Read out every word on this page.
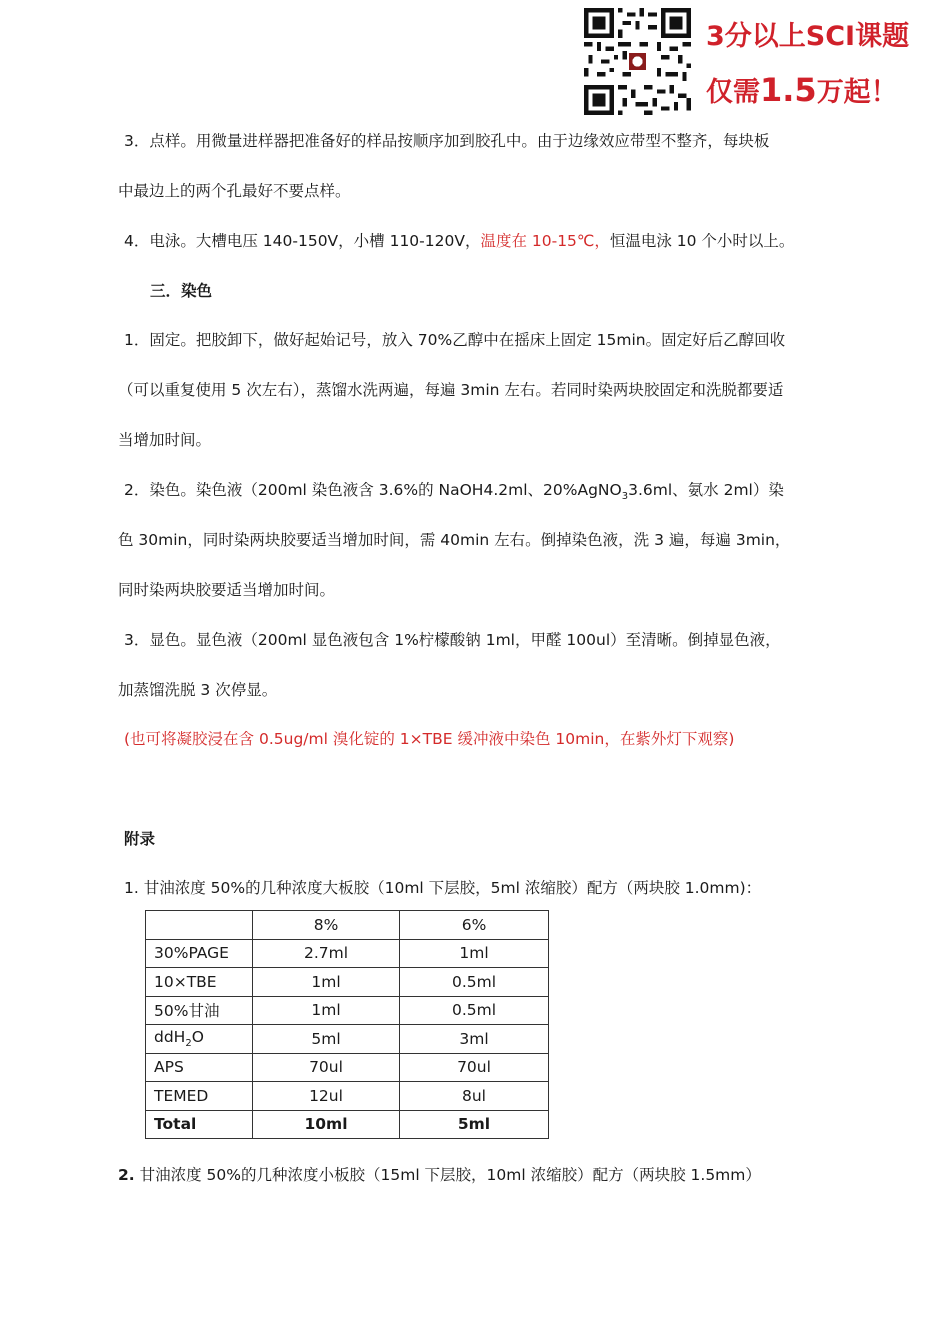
3分以上SCI课题
仅需1.5万起！
3．点样。用微量进样器把准备好的样品按顺序加到胶孔中。由于边缘效应带型不整齐，每块板
中最边上的两个孔最好不要点样。
4．电泳。大槽电压 140-150V，小槽 110-120V，温度在 10-15℃，恒温电泳 10 个小时以上。
三．染色
1．固定。把胶卸下，做好起始记号，放入 70%乙醇中在摇床上固定 15min。固定好后乙醇回收
（可以重复使用 5 次左右），蒸馏水洗两遍，每遍 3min 左右。若同时染两块胶固定和洗脱都要适
当增加时间。
2．染色。染色液（200ml 染色液含 3.6%的 NaOH4.2ml、20%AgNO$_3$3.6ml、氨水 2ml）染
色 30min，同时染两块胶要适当增加时间，需 40min 左右。倒掉染色液，洗 3 遍，每遍 3min，
同时染两块胶要适当增加时间。
3．显色。显色液（200ml 显色液包含 1%柠檬酸钠 1ml，甲醛 100ul）至清晰。倒掉显色液，
加蒸馏洗脱 3 次停显。
(也可将凝胶浸在含 0.5ug/ml 溴化锭的 1×TBE 缓冲液中染色 10min，在紫外灯下观察)
附录
1. 甘油浓度 50%的几种浓度大板胶（10ml 下层胶，5ml 浓缩胶）配方（两块胶 1.0mm)：
	8%	6%
30%PAGE	2.7ml	1ml
10×TBE	1ml	0.5ml
50%甘油	1ml	0.5ml
ddH$_2$O	5ml	3ml
APS	70ul	70ul
TEMED	12ul	8ul
Total	10ml	5ml
2. 甘油浓度 50%的几种浓度小板胶（15ml 下层胶，10ml 浓缩胶）配方（两块胶 1.5mm）
